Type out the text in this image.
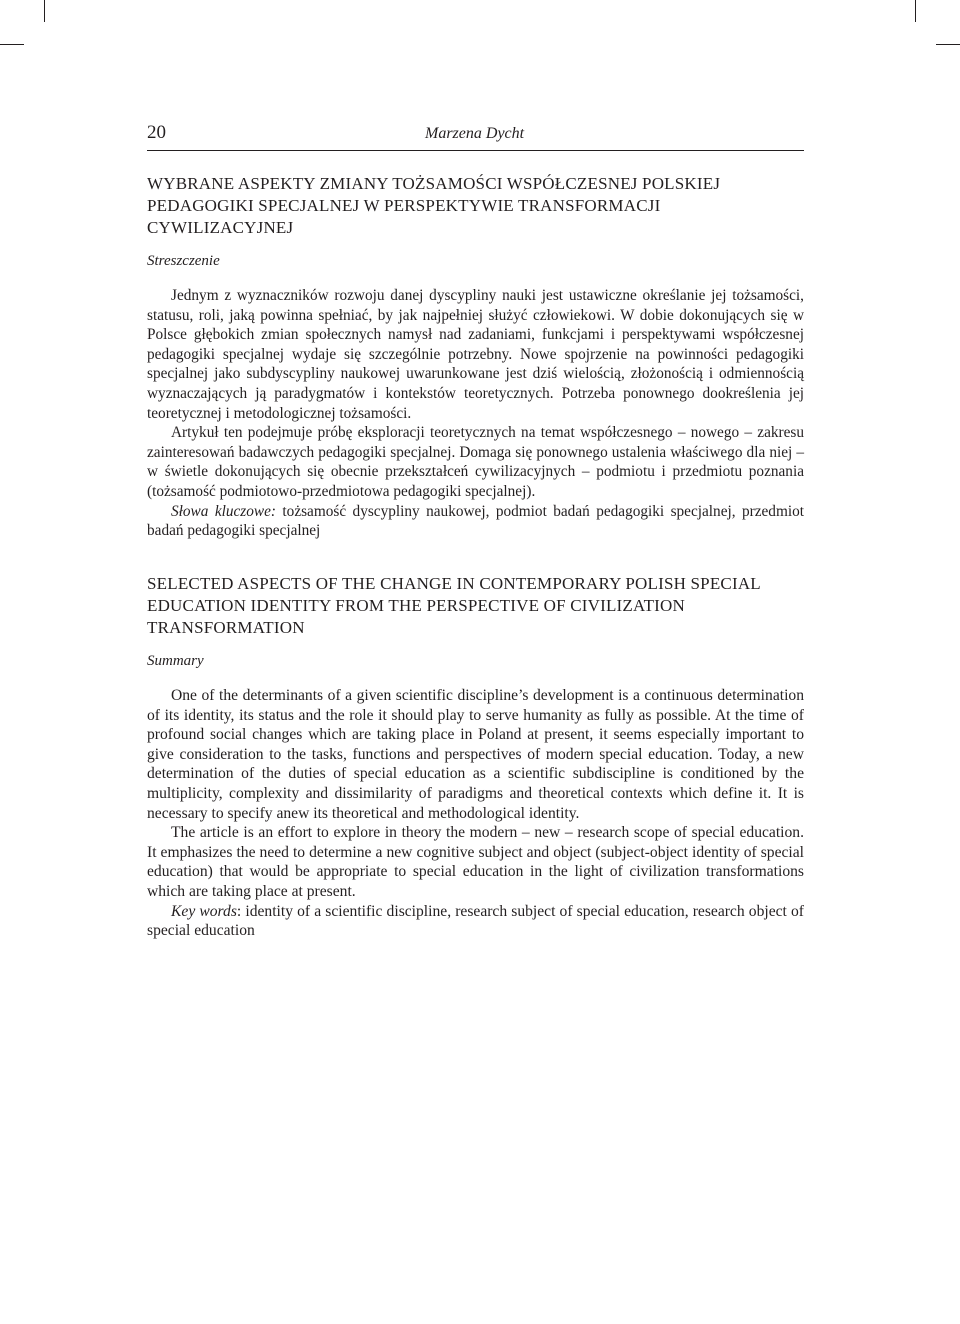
20	Marzena Dycht
WYBRANE ASPEKTY ZMIANY TOŻSAMOŚCI WSPÓŁCZESNEJ POLSKIEJ PEDAGOGIKI SPECJALNEJ W PERSPEKTYWIE TRANSFORMACJI CYWILIZACYJNEJ
Streszczenie

Jednym z wyznaczników rozwoju danej dyscypliny nauki jest ustawiczne określanie jej tożsamości, statusu, roli, jaką powinna spełniać, by jak najpełniej służyć człowiekowi. W dobie dokonujących się w Polsce głębokich zmian społecznych namysł nad zadaniami, funkcjami i perspektywami współczesnej pedagogiki specjalnej wydaje się szczególnie potrzebny. Nowe spojrzenie na powinności pedagogiki specjalnej jako subdyscypliny naukowej uwarunkowane jest dziś wielością, złożonością i odmiennością wyznaczających ją paradygmatów i kontekstów teoretycznych. Potrzeba ponownego dookreślenia jej teoretycznej i metodologicznej tożsamości.

Artykuł ten podejmuje próbę eksploracji teoretycznych na temat współczesnego – nowego – zakresu zainteresowań badawczych pedagogiki specjalnej. Domaga się ponownego ustalenia właściwego dla niej – w świetle dokonujących się obecnie przekształceń cywilizacyjnych – podmiotu i przedmiotu poznania (tożsamość podmiotowo-przedmiotowa pedagogiki specjalnej).

Słowa kluczowe: tożsamość dyscypliny naukowej, podmiot badań pedagogiki specjalnej, przedmiot badań pedagogiki specjalnej

SELECTED ASPECTS OF THE CHANGE IN CONTEMPORARY POLISH SPECIAL EDUCATION IDENTITY FROM THE PERSPECTIVE OF CIVILIZATION TRANSFORMATION
Summary

One of the determinants of a given scientific discipline’s development is a continuous determination of its identity, its status and the role it should play to serve humanity as fully as possible. At the time of profound social changes which are taking place in Poland at present, it seems especially important to give consideration to the tasks, functions and perspectives of modern special education. Today, a new determination of the duties of special education as a scientific subdiscipline is conditioned by the multiplicity, complexity and dissimilarity of paradigms and theoretical contexts which define it. It is necessary to specify anew its theoretical and methodological identity.

The article is an effort to explore in theory the modern – new – research scope of special education. It emphasizes the need to determine a new cognitive subject and object (subject-object identity of special education) that would be appropriate to special education in the light of civilization transformations which are taking place at present.

Key words: identity of a scientific discipline, research subject of special education, research object of special education
